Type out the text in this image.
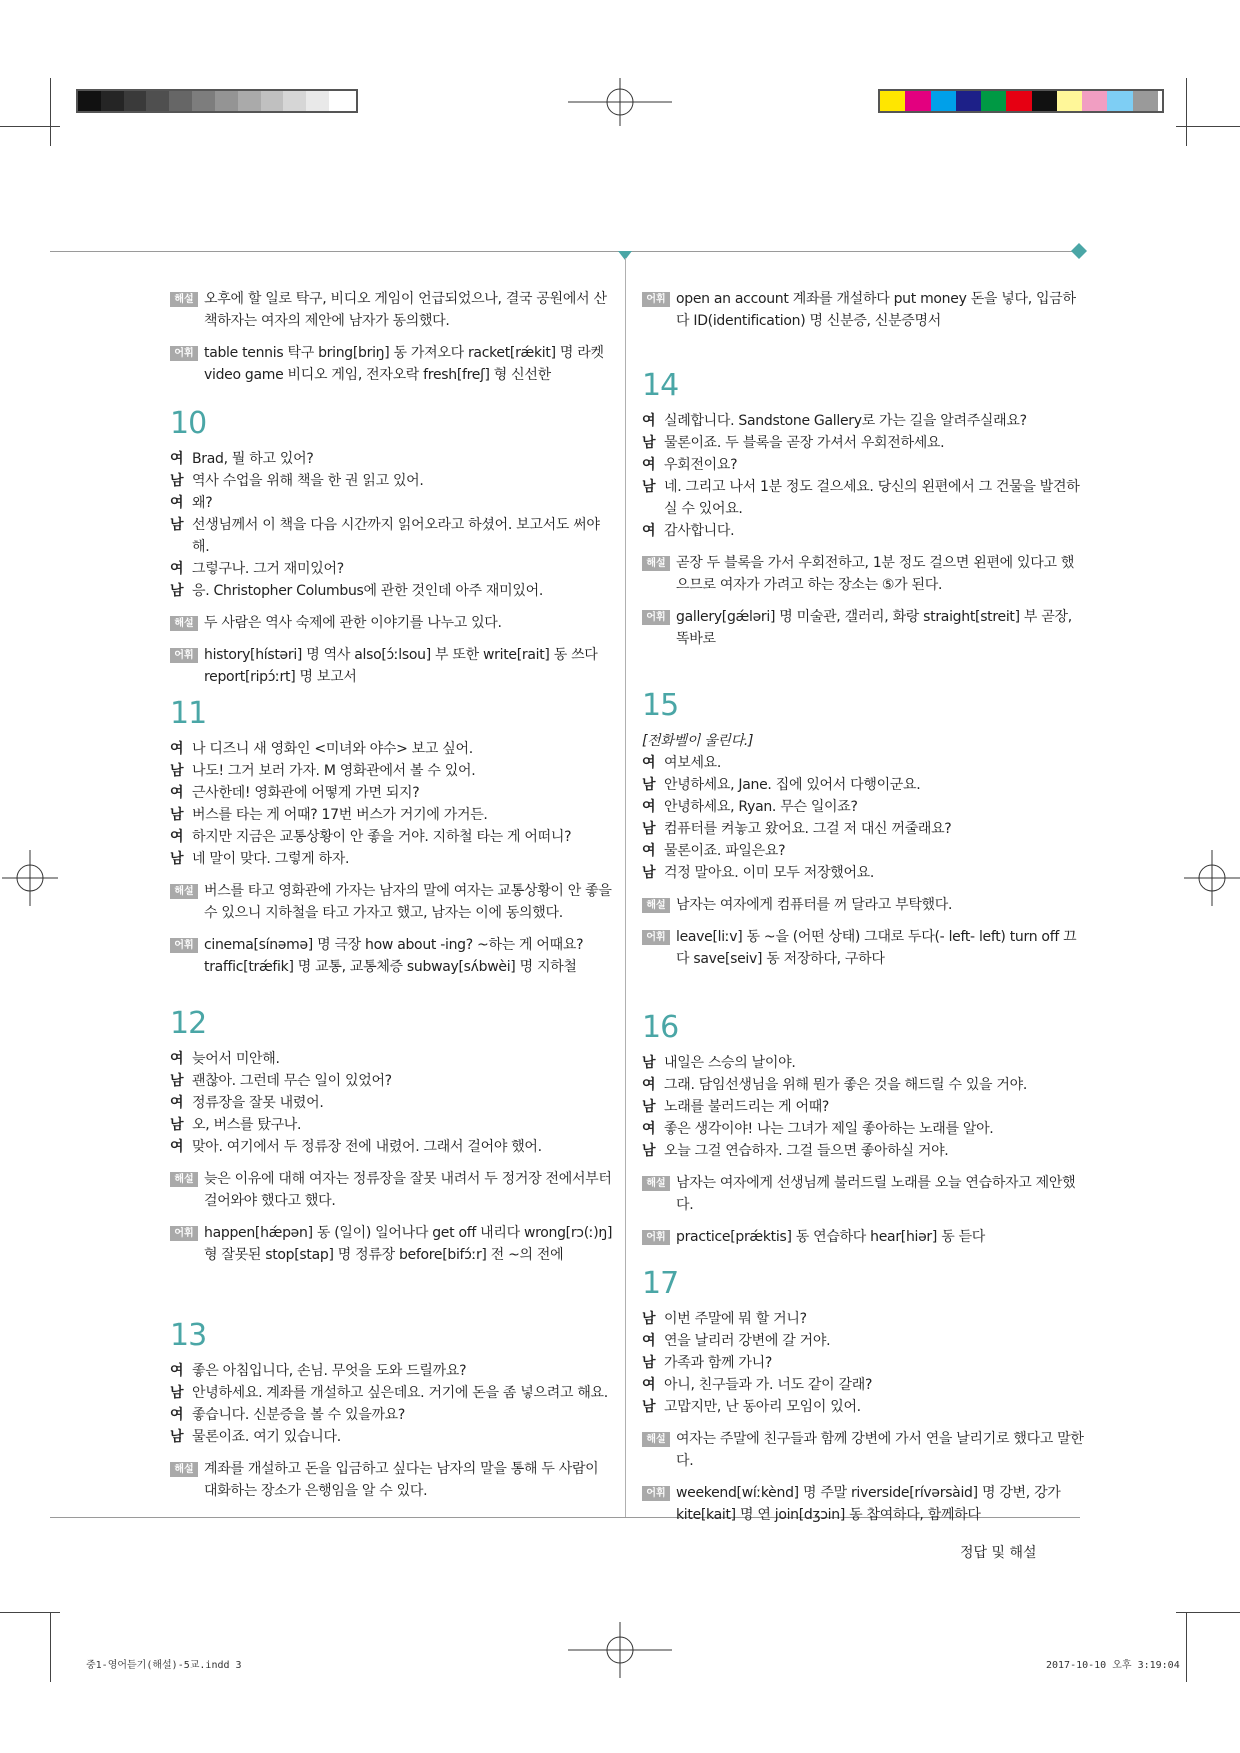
해설 오후에 할 일로 탁구, 비디오 게임이 언급되었으나, 결국 공원에서 산책하자는 여자의 제안에 남자가 동의했다.
어휘 table tennis 탁구 bring[briŋ] 동 가져오다 racket[rǽkit] 명 라켓 video game 비디오 게임, 전자오락 fresh[freʃ] 형 신선한
10
여 Brad, 뭘 하고 있어?
남 역사 수업을 위해 책을 한 권 읽고 있어.
여 왜?
남 선생님께서 이 책을 다음 시간까지 읽어오라고 하셨어. 보고서도 써야 해.
여 그렇구나. 그거 재미있어?
남 응. Christopher Columbus에 관한 것인데 아주 재미있어.
해설 두 사람은 역사 숙제에 관한 이야기를 나누고 있다.
어휘 history[hístəri] 명 역사 also[ɔ́ːlsou] 부 또한 write[rait] 동 쓰다 report[ripɔ́ːrt] 명 보고서
11
여 나 디즈니 새 영화인 <미녀와 야수> 보고 싶어.
남 나도! 그거 보러 가자. M 영화관에서 볼 수 있어.
여 근사한데! 영화관에 어떻게 가면 되지?
남 버스를 타는 게 어때? 17번 버스가 거기에 가거든.
여 하지만 지금은 교통상황이 안 좋을 거야. 지하철 타는 게 어떠니?
남 네 말이 맞다. 그렇게 하자.
해설 버스를 타고 영화관에 가자는 남자의 말에 여자는 교통상황이 안 좋을 수 있으니 지하철을 타고 가자고 했고, 남자는 이에 동의했다.
어휘 cinema[sínəmə] 명 극장 how about -ing? ~하는 게 어때요? traffic[trǽfik] 명 교통, 교통체증 subway[sʌ́bwèi] 명 지하철
12
여 늦어서 미안해.
남 괜찮아. 그런데 무슨 일이 있었어?
여 정류장을 잘못 내렸어.
남 오, 버스를 탔구나.
여 맞아. 여기에서 두 정류장 전에 내렸어. 그래서 걸어야 했어.
해설 늦은 이유에 대해 여자는 정류장을 잘못 내려서 두 정거장 전에서부터 걸어와야 했다고 했다.
어휘 happen[hǽpən] 동 (일이) 일어나다 get off 내리다 wrong[rɔ(ː)ŋ] 형 잘못된 stop[stap] 명 정류장 before[bifɔ́ːr] 전 ~의 전에
13
여 좋은 아침입니다, 손님. 무엇을 도와 드릴까요?
남 안녕하세요. 계좌를 개설하고 싶은데요. 거기에 돈을 좀 넣으려고 해요.
여 좋습니다. 신분증을 볼 수 있을까요?
남 물론이죠. 여기 있습니다.
해설 계좌를 개설하고 돈을 입금하고 싶다는 남자의 말을 통해 두 사람이 대화하는 장소가 은행임을 알 수 있다.
어휘 open an account 계좌를 개설하다 put money 돈을 넣다, 입금하다 ID(identification) 명 신분증, 신분증명서
14
여 실례합니다. Sandstone Gallery로 가는 길을 알려주실래요?
남 물론이죠. 두 블록을 곧장 가셔서 우회전하세요.
여 우회전이요?
남 네. 그리고 나서 1분 정도 걸으세요. 당신의 왼편에서 그 건물을 발견하실 수 있어요.
여 감사합니다.
해설 곧장 두 블록을 가서 우회전하고, 1분 정도 걸으면 왼편에 있다고 했으므로 여자가 가려고 하는 장소는 ⑤가 된다.
어휘 gallery[gǽləri] 명 미술관, 갤러리, 화랑 straight[streit] 부 곧장, 똑바로
15
[전화벨이 울린다.]
여 여보세요.
남 안녕하세요, Jane. 집에 있어서 다행이군요.
여 안녕하세요, Ryan. 무슨 일이죠?
남 컴퓨터를 켜놓고 왔어요. 그걸 저 대신 꺼줄래요?
여 물론이죠. 파일은요?
남 걱정 말아요. 이미 모두 저장했어요.
해설 남자는 여자에게 컴퓨터를 꺼 달라고 부탁했다.
어휘 leave[liːv] 동 ~을 (어떤 상태) 그대로 두다(- left- left) turn off 끄다 save[seiv] 동 저장하다, 구하다
16
남 내일은 스승의 날이야.
여 그래. 담임선생님을 위해 뭔가 좋은 것을 해드릴 수 있을 거야.
남 노래를 불러드리는 게 어때?
여 좋은 생각이야! 나는 그녀가 제일 좋아하는 노래를 알아.
남 오늘 그걸 연습하자. 그걸 들으면 좋아하실 거야.
해설 남자는 여자에게 선생님께 불러드릴 노래를 오늘 연습하자고 제안했다.
어휘 practice[prǽktis] 동 연습하다 hear[hiər] 동 듣다
17
남 이번 주말에 뭐 할 거니?
여 연을 날리러 강변에 갈 거야.
남 가족과 함께 가니?
여 아니, 친구들과 가. 너도 같이 갈래?
남 고맙지만, 난 동아리 모임이 있어.
해설 여자는 주말에 친구들과 함께 강변에 가서 연을 날리기로 했다고 말한다.
어휘 weekend[wíːkènd] 명 주말 riverside[rívərsàid] 명 강변, 강가 kite[kait] 명 연 join[dʒɔin] 동 참여하다, 함께하다
정답 및 해설
중1-영어듣기(해설)-5교.indd 3	2017-10-10 오후 3:19:04
